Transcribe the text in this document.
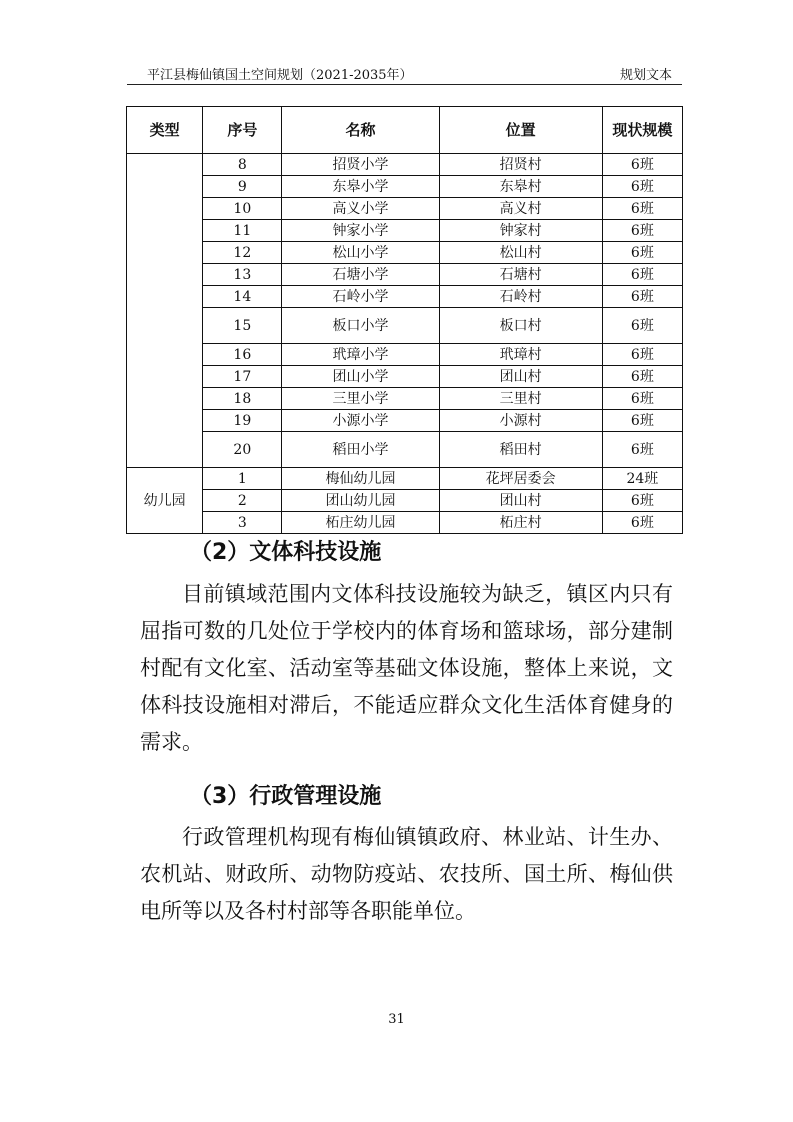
平江县梅仙镇国土空间规划（2021-2035年）	规划文本
类型	序号	名称	位置	现状规模
	8	招贤小学	招贤村	6班
	9	东皋小学	东皋村	6班
	10	高义小学	高义村	6班
	11	钟家小学	钟家村	6班
	12	松山小学	松山村	6班
	13	石塘小学	石塘村	6班
	14	石岭小学	石岭村	6班
	15	板口小学	板口村	6班
	16	玳璋小学	玳璋村	6班
	17	团山小学	团山村	6班
	18	三里小学	三里村	6班
	19	小源小学	小源村	6班
	20	稻田小学	稻田村	6班
幼儿园	1	梅仙幼儿园	花坪居委会	24班
	2	团山幼儿园	团山村	6班
	3	柘庄幼儿园	柘庄村	6班
（2）文体科技设施

目前镇域范围内文体科技设施较为缺乏，镇区内只有屈指可数的几处位于学校内的体育场和篮球场，部分建制村配有文化室、活动室等基础文体设施，整体上来说，文体科技设施相对滞后，不能适应群众文化生活体育健身的需求。

（3）行政管理设施

行政管理机构现有梅仙镇镇政府、林业站、计生办、农机站、财政所、动物防疫站、农技所、国土所、梅仙供电所等以及各村村部等各职能单位。

31
